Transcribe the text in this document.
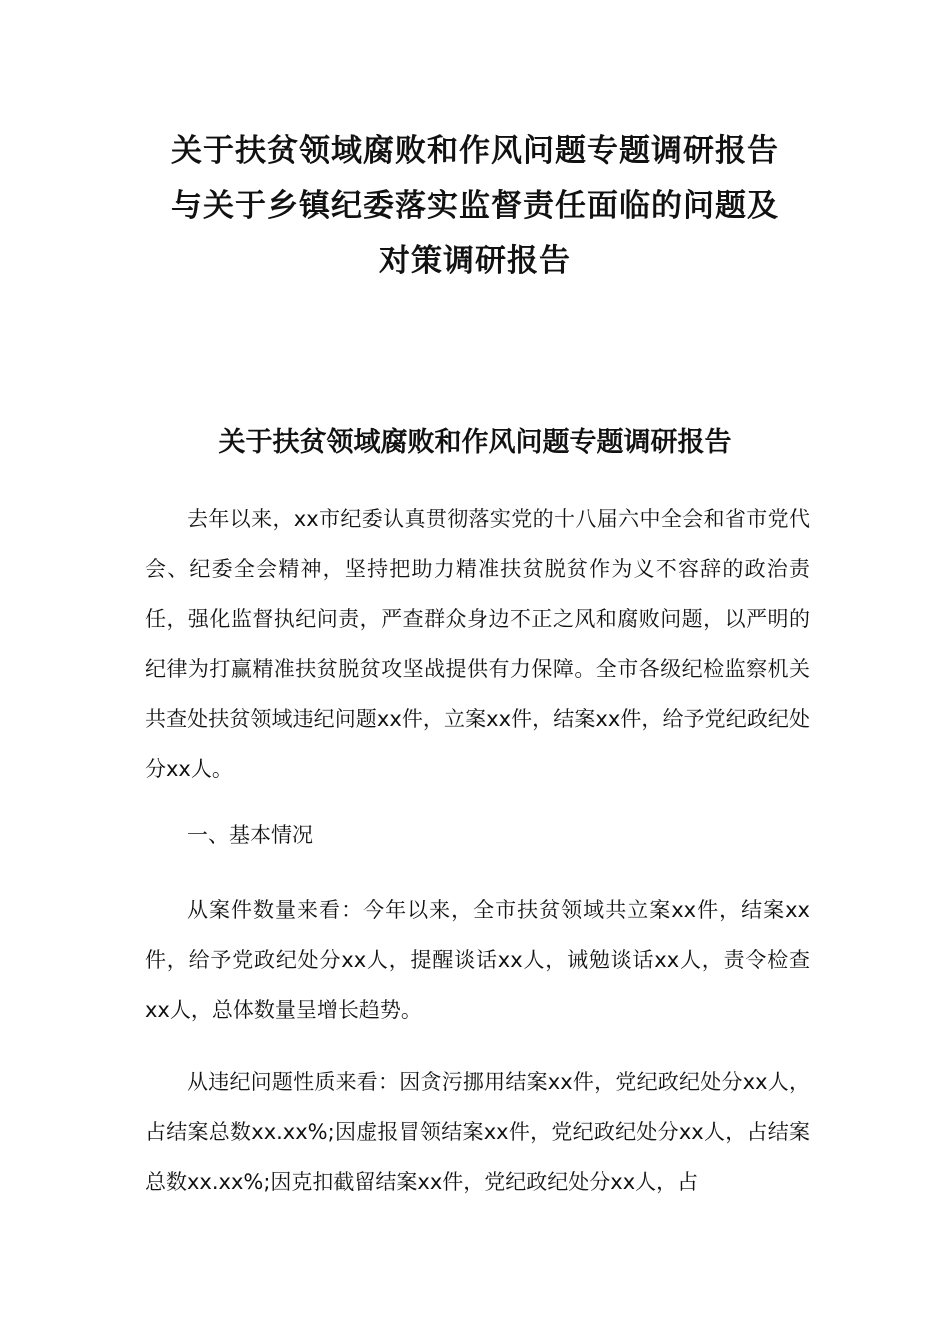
关于扶贫领域腐败和作风问题专题调研报告
与关于乡镇纪委落实监督责任面临的问题及
对策调研报告
关于扶贫领域腐败和作风问题专题调研报告

去年以来，xx市纪委认真贯彻落实党的十八届六中全会和省市党代会、纪委全会精神，坚持把助力精准扶贫脱贫作为义不容辞的政治责任，强化监督执纪问责，严查群众身边不正之风和腐败问题，以严明的纪律为打赢精准扶贫脱贫攻坚战提供有力保障。全市各级纪检监察机关共查处扶贫领域违纪问题xx件，立案xx件，结案xx件，给予党纪政纪处分xx人。

一、基本情况

从案件数量来看：今年以来，全市扶贫领域共立案xx件，结案xx件，给予党政纪处分xx人，提醒谈话xx人，诫勉谈话xx人，责令检查xx人，总体数量呈增长趋势。

从违纪问题性质来看：因贪污挪用结案xx件，党纪政纪处分xx人，占结案总数xx.xx%;因虚报冒领结案xx件，党纪政纪处分xx人，占结案总数xx.xx%;因克扣截留结案xx件，党纪政纪处分xx人，占
